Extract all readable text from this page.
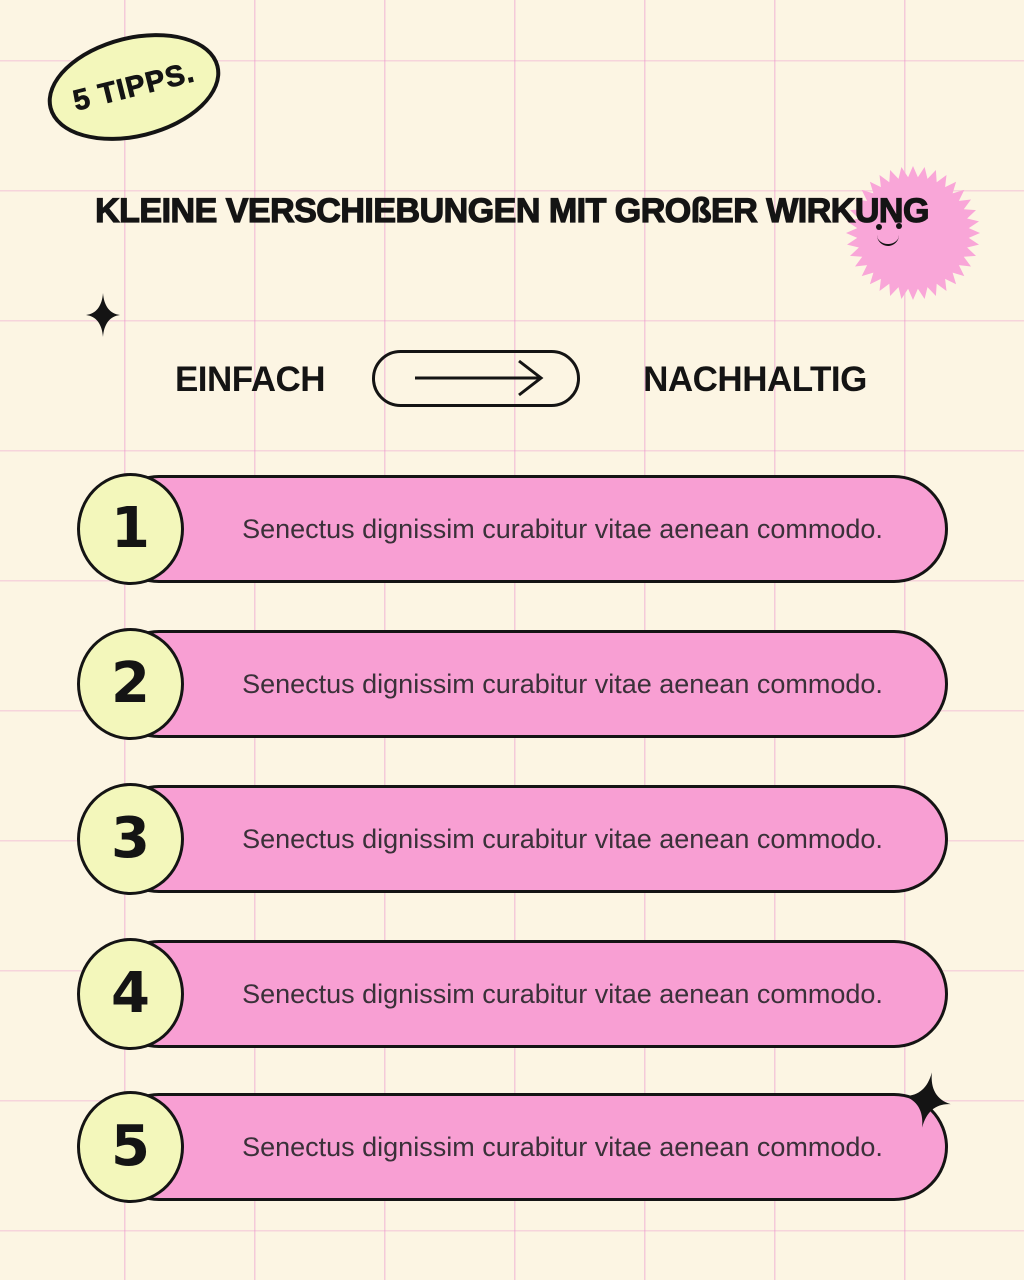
5 TIPPS.
KLEINE VERSCHIEBUNGEN MIT GROßER WIRKUNG
EINFACH	NACHHALTIG
1	Senectus dignissim curabitur vitae aenean commodo.
2	Senectus dignissim curabitur vitae aenean commodo.
3	Senectus dignissim curabitur vitae aenean commodo.
4	Senectus dignissim curabitur vitae aenean commodo.
5	Senectus dignissim curabitur vitae aenean commodo.
